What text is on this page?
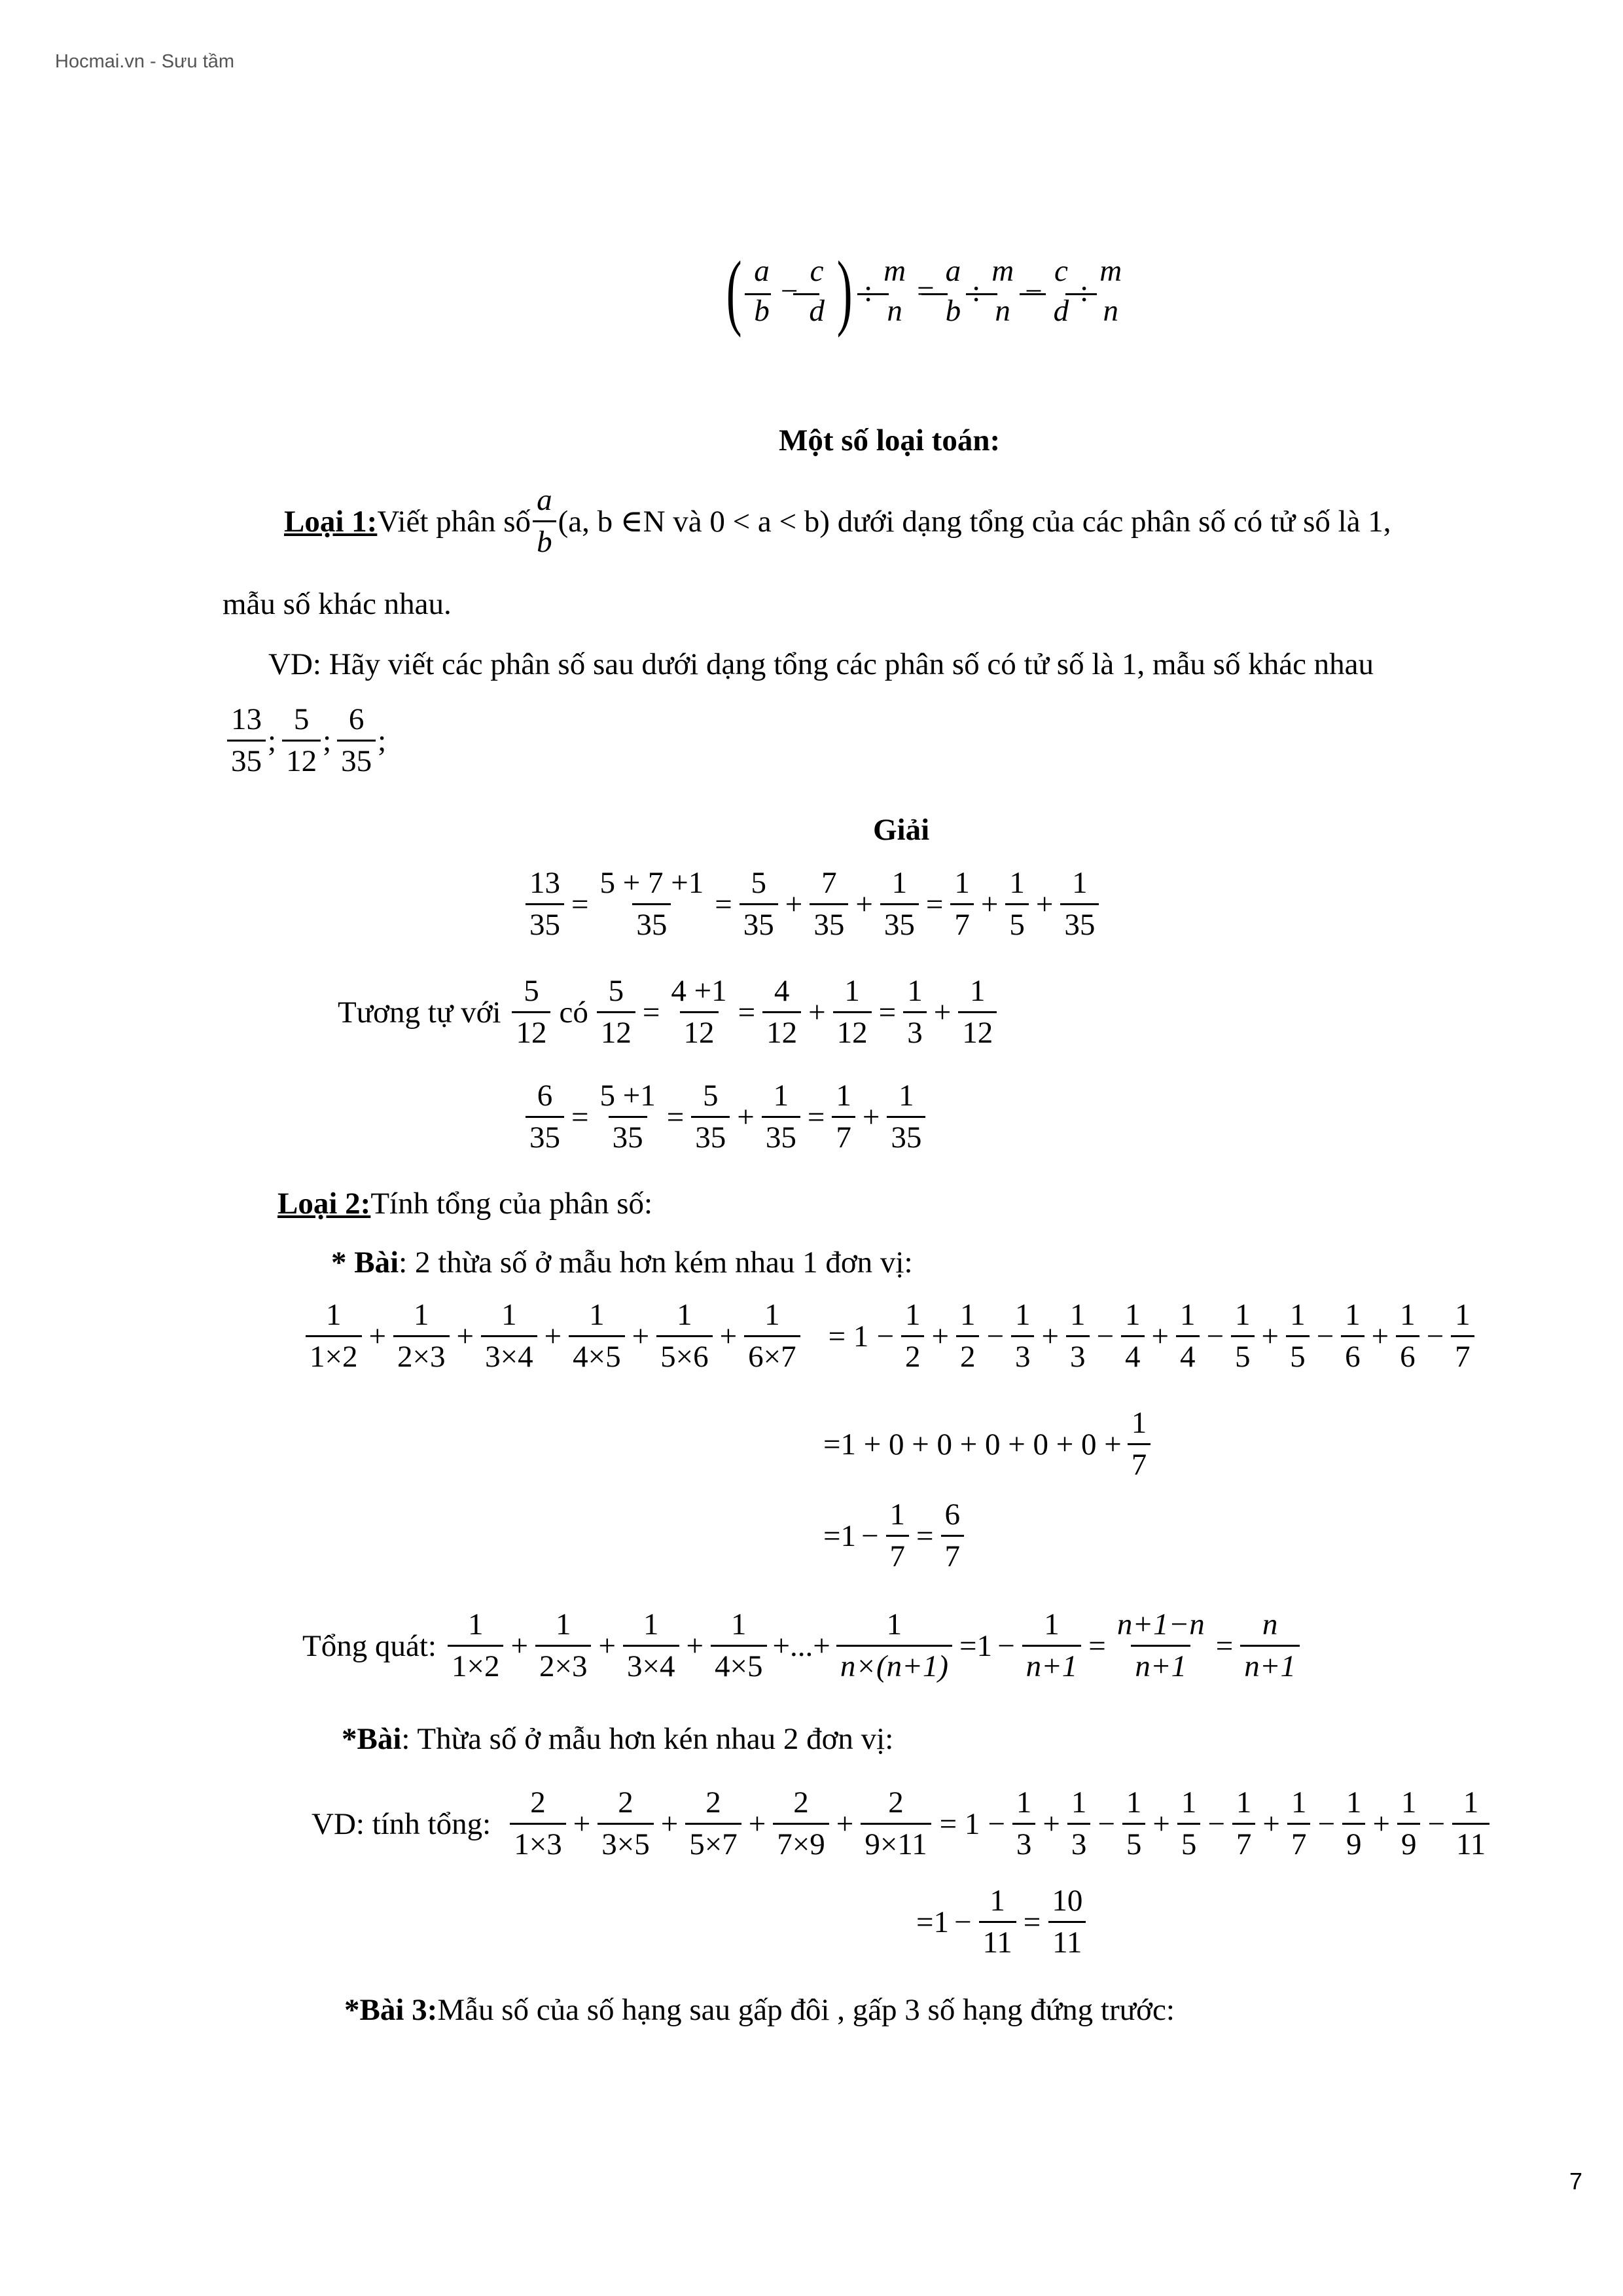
Hocmai.vn - Sưu tầm
( a
b
−
c
d ) :
m
n
=
a
b
:
m
n
−
c
d
:
m
n
Một số loại toán:
Loại 1: Viết phân số $\frac{a}{b} (a$, b ∈N và 0 < a < b) dưới dạng tổng của các phân số có tử số là 1,
mẫu số khác nhau.
VD: Hãy viết các phân số sau dưới dạng tổng các phân số có tử số là 1, mẫu số khác nhau
$\frac{13}{35}$ ; $\frac{5}{12}$ ; $\frac{6}{35}$ ;
Giải
$\frac{13}{35} = \frac{5 + 7 +1}{35} = \frac{5}{35} + \frac{7}{35} + \frac{1}{35} = \frac{1}{7} + \frac{1}{5} + \frac{1}{35}$
Tương tự với $\frac{5}{12}$ có $\frac{5}{12} = \frac{4 +1}{12} = \frac{4}{12} + \frac{1}{12} = \frac{1}{3} + \frac{1}{12}$
$\frac{6}{35} = \frac{5 +1}{35} = \frac{5}{35} + \frac{1}{35} = \frac{1}{7} + \frac{1}{35}$
Loại 2: Tính tổng của phân số:
* Bài : 2 thừa số ở mẫu hơn kém nhau 1 đơn vị:
$\frac{1}{1\times 2} + \frac{1}{2\times 3} + \frac{1}{3\times 4} + \frac{1}{4\times 5} + \frac{1}{5\times 6} + \frac{1}{6\times 7} = 1 - \frac{1}{2} + \frac{1}{2} - \frac{1}{3} + \frac{1}{3} - \frac{1}{4} + \frac{1}{4} - \frac{1}{5} + \frac{1}{5} - \frac{1}{6} + \frac{1}{6} - \frac{1}{7}$
$=1 + 0 + 0 + 0 + 0 + 0 + \frac{1}{7}$
$=1 - \frac{1}{7} = \frac{6}{7}$
Tổng quát: $\frac{1}{1\times 2} + \frac{1}{2\times 3} + \frac{1}{3\times 4} + \frac{1}{4\times 5}$ +...+ $\frac{1}{n\times(n+1)} =1 - \frac{1}{n+1} = \frac{n+1-n}{n+1} = \frac{n}{n+1}$
*Bài : Thừa số ở mẫu hơn kén nhau 2 đơn vị:
VD: tính tổng: $\frac{2}{1\times 3} + \frac{2}{3\times 5} + \frac{2}{5\times 7} + \frac{2}{7\times 9} + \frac{2}{9\times 11} = 1 - \frac{1}{3} + \frac{1}{3} - \frac{1}{5} + \frac{1}{5} - \frac{1}{7} + \frac{1}{7} - \frac{1}{9} + \frac{1}{9} - \frac{1}{11}$
$=1 - \frac{1}{11} = \frac{10}{11}$
*Bài 3: Mẫu số của số hạng sau gấp đôi , gấp 3 số hạng đứng trước:
7
